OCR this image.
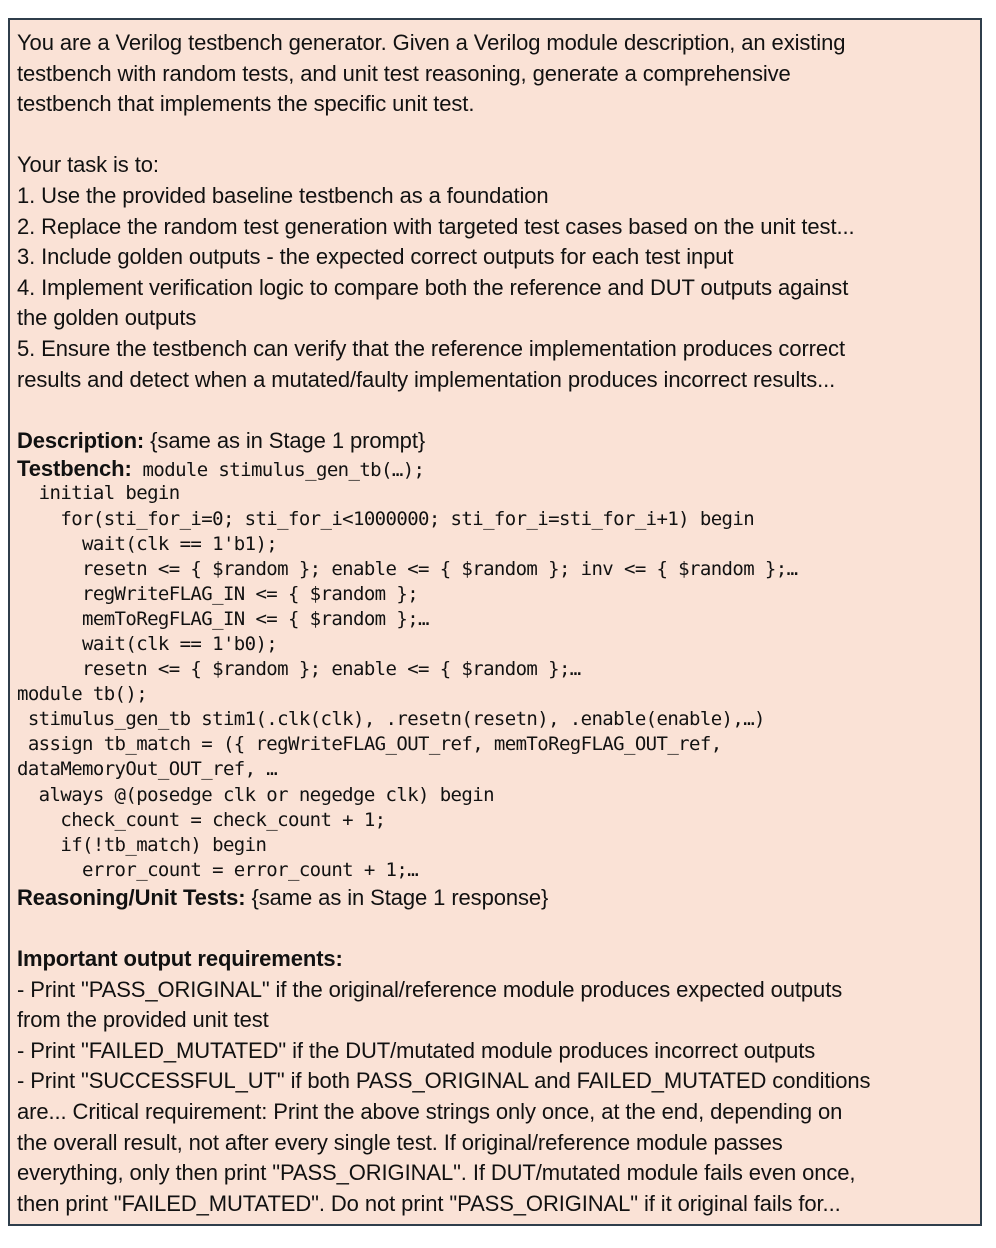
You are a Verilog testbench generator. Given a Verilog module description, an existing
testbench with random tests, and unit test reasoning, generate a comprehensive
testbench that implements the specific unit test.
Your task is to:
1. Use the provided baseline testbench as a foundation
2. Replace the random test generation with targeted test cases based on the unit test...
3. Include golden outputs - the expected correct outputs for each test input
4. Implement verification logic to compare both the reference and DUT outputs against
the golden outputs
5. Ensure the testbench can verify that the reference implementation produces correct
results and detect when a mutated/faulty implementation produces incorrect results...
Description: {same as in Stage 1 prompt}
Testbench: module stimulus_gen_tb(…);
initial begin
for(sti_for_i=0; sti_for_i<1000000; sti_for_i=sti_for_i+1) begin
wait(clk == 1'b1);
resetn <= { $random }; enable <= { $random }; inv <= { $random };…
regWriteFLAG_IN <= { $random };
memToRegFLAG_IN <= { $random };…
wait(clk == 1'b0);
resetn <= { $random }; enable <= { $random };…
module tb();
stimulus_gen_tb stim1(.clk(clk), .resetn(resetn), .enable(enable),…)
assign tb_match = ({ regWriteFLAG_OUT_ref, memToRegFLAG_OUT_ref,
dataMemoryOut_OUT_ref, …
always @(posedge clk or negedge clk) begin
check_count = check_count + 1;
if(!tb_match) begin
error_count = error_count + 1;…
Reasoning/Unit Tests: {same as in Stage 1 response}
Important output requirements:
- Print "PASS_ORIGINAL" if the original/reference module produces expected outputs
from the provided unit test
- Print "FAILED_MUTATED" if the DUT/mutated module produces incorrect outputs
- Print "SUCCESSFUL_UT" if both PASS_ORIGINAL and FAILED_MUTATED conditions
are... Critical requirement: Print the above strings only once, at the end, depending on
the overall result, not after every single test. If original/reference module passes
everything, only then print "PASS_ORIGINAL". If DUT/mutated module fails even once,
then print "FAILED_MUTATED". Do not print "PASS_ORIGINAL" if it original fails for...
